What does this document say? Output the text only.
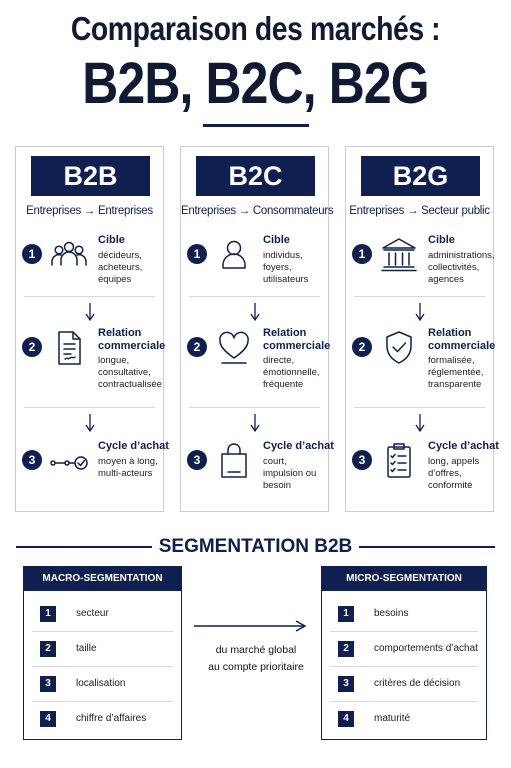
Comparaison des marchés :
B2B, B2C, B2G
B2B
Entreprises → Entreprises
1
Cible
décideurs,
acheteurs,
équipes
2
Relation commerciale
longue,
consultative,
contractualisée
3
Cycle d’achat
moyen à long,
multi-acteurs
B2C
Entreprises → Consommateurs
1
Cible
individus,
foyers,
utilisateurs
2
Relation commerciale
directe,
émotionnelle,
fréquente
3
Cycle d’achat
court,
impulsion ou
besoin
B2G
Entreprises → Secteur public
1
Cible
administrations,
collectivités,
agences
2
Relation commerciale
formalisée,
réglementée,
transparente
3
Cycle d’achat
long, appels
d’offres,
conformité
SEGMENTATION B2B
MACRO-SEGMENTATION
1	secteur
2	taille
3	localisation
4	chiffre d’affaires
MICRO-SEGMENTATION
1	besoins
2	comportements d’achat
3	critères de décision
4	maturité
du marché global
au compte prioritaire
